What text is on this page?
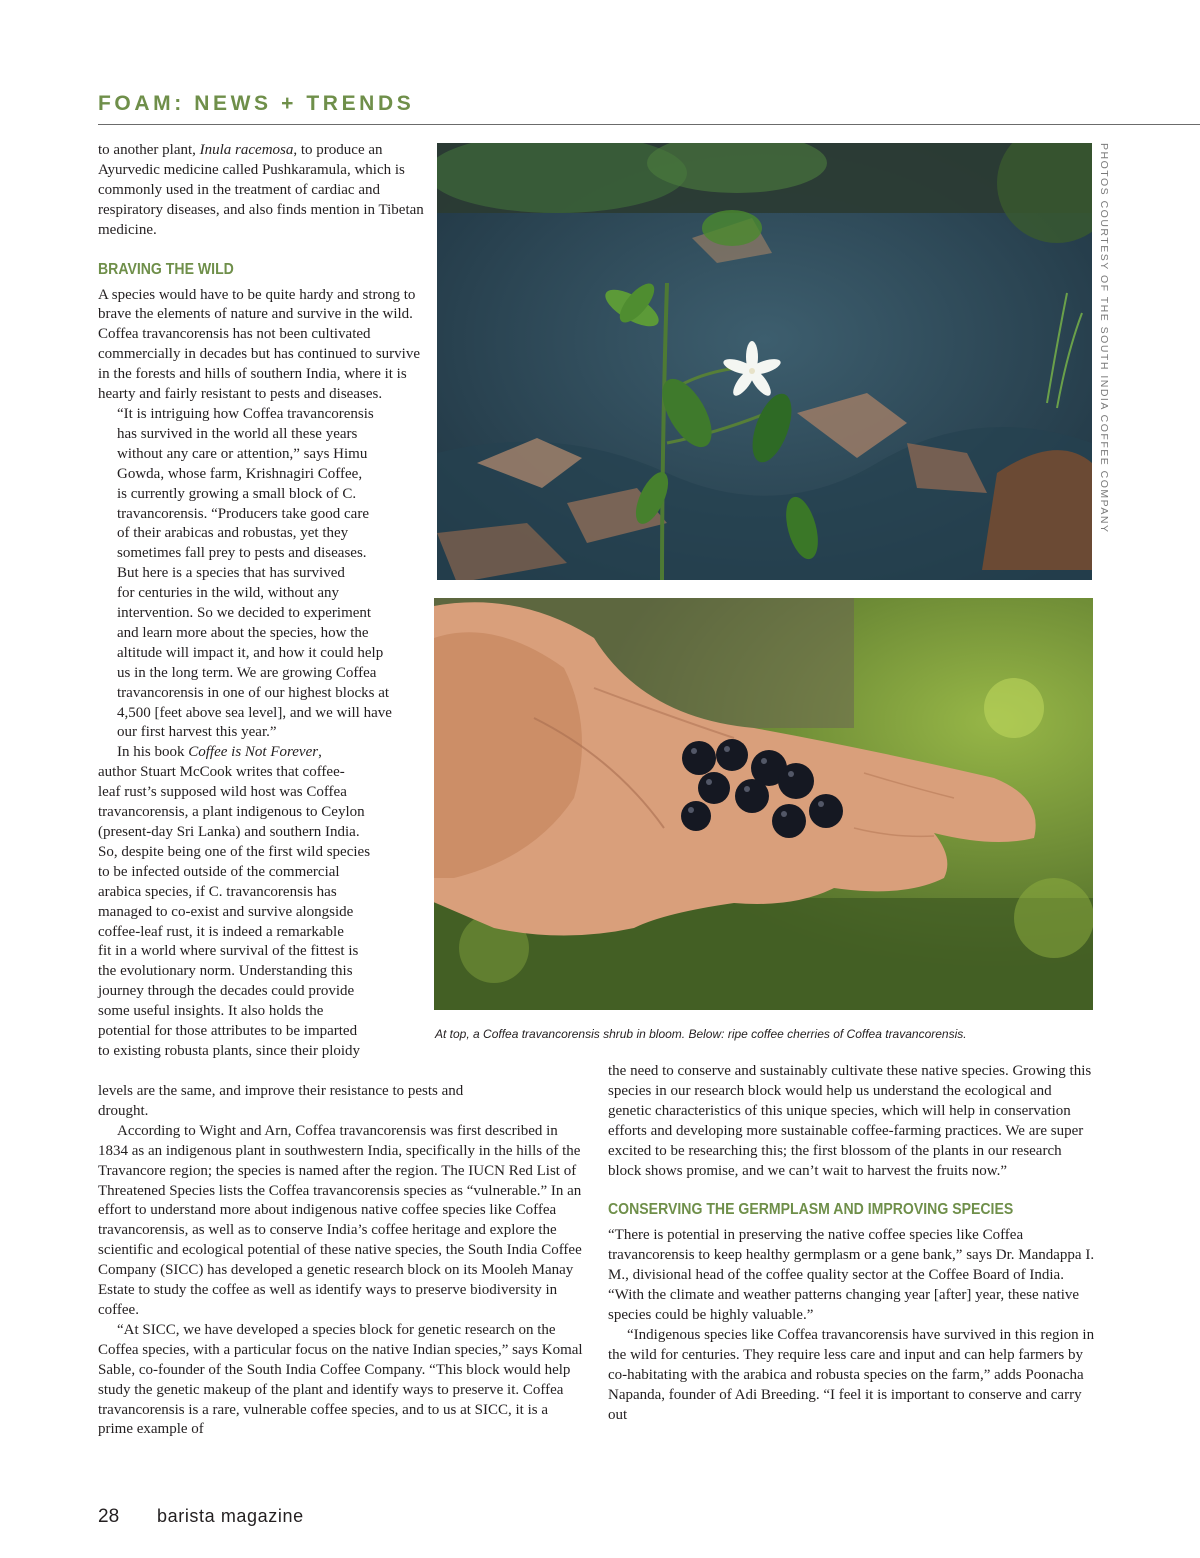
FOAM: NEWS + TRENDS

to another plant, Inula racemosa, to produce an Ayurvedic medicine called Pushkaramula, which is commonly used in the treatment of cardiac and respiratory diseases, and also finds mention in Tibetan medicine.

BRAVING THE WILD

A species would have to be quite hardy and strong to brave the elements of nature and survive in the wild. Coffea travancorensis has not been cultivated commercially in decades but has continued to survive in the forests and hills of southern India, where it is hearty and fairly resistant to pests and diseases.

“It is intriguing how Coffea travancorensis
has survived in the world all these years
without any care or attention,” says Himu
Gowda, whose farm, Krishnagiri Coffee,
is currently growing a small block of C.
travancorensis. “Producers take good care
of their arabicas and robustas, yet they
sometimes fall prey to pests and diseases.
But here is a species that has survived
for centuries in the wild, without any
intervention. So we decided to experiment
and learn more about the species, how the
altitude will impact it, and how it could help
us in the long term. We are growing Coffea
travancorensis in one of our highest blocks at
4,500 [feet above sea level], and we will have
our first harvest this year.”

In his book Coffee is Not Forever,
author Stuart McCook writes that coffee-
leaf rust’s supposed wild host was Coffea
travancorensis, a plant indigenous to Ceylon
(present-day Sri Lanka) and southern India.
So, despite being one of the first wild species
to be infected outside of the commercial
arabica species, if C. travancorensis has
managed to co-exist and survive alongside
coffee-leaf rust, it is indeed a remarkable
fit in a world where survival of the fittest is
the evolutionary norm. Understanding this
journey through the decades could provide
some useful insights. It also holds the
potential for those attributes to be imparted
to existing robusta plants, since their ploidy

levels are the same, and improve their resistance to pests and
drought.

According to Wight and Arn, Coffea travancorensis was first described in 1834 as an indigenous plant in southwestern India, specifically in the hills of the Travancore region; the species is named after the region. The IUCN Red List of Threatened Species lists the Coffea travancorensis species as “vulnerable.” In an effort to understand more about indigenous native coffee species like Coffea travancorensis, as well as to conserve India’s coffee heritage and explore the scientific and ecological potential of these native species, the South India Coffee Company (SICC) has developed a genetic research block on its Mooleh Manay Estate to study the coffee as well as identify ways to preserve biodiversity in coffee.

“At SICC, we have developed a species block for genetic research on the Coffea species, with a particular focus on the native Indian species,” says Komal Sable, co-founder of the South India Coffee Company. “This block would help study the genetic makeup of the plant and identify ways to preserve it. Coffea travancorensis is a rare, vulnerable coffee species, and to us at SICC, it is a prime example of

the need to conserve and sustainably cultivate these native species. Growing this species in our research block would help us understand the ecological and genetic characteristics of this unique species, which will help in conservation efforts and developing more sustainable coffee-farming practices. We are super excited to be researching this; the first blossom of the plants in our research block shows promise, and we can’t wait to harvest the fruits now.”

CONSERVING THE GERMPLASM AND IMPROVING SPECIES

“There is potential in preserving the native coffee species like Coffea travancorensis to keep healthy germplasm or a gene bank,” says Dr. Mandappa I. M., divisional head of the coffee quality sector at the Coffee Board of India. “With the climate and weather patterns changing year [after] year, these native species could be highly valuable.”

“Indigenous species like Coffea travancorensis have survived in this region in the wild for centuries. They require less care and input and can help farmers by co-habitating with the arabica and robusta species on the farm,” adds Poonacha Napanda, founder of Adi Breeding. “I feel it is important to conserve and carry out

PHOTOS COURTESY OF THE SOUTH INDIA COFFEE COMPANY
At top, a Coffea travancorensis shrub in bloom. Below: ripe coffee cherries of Coffea travancorensis.
28 barista magazine
